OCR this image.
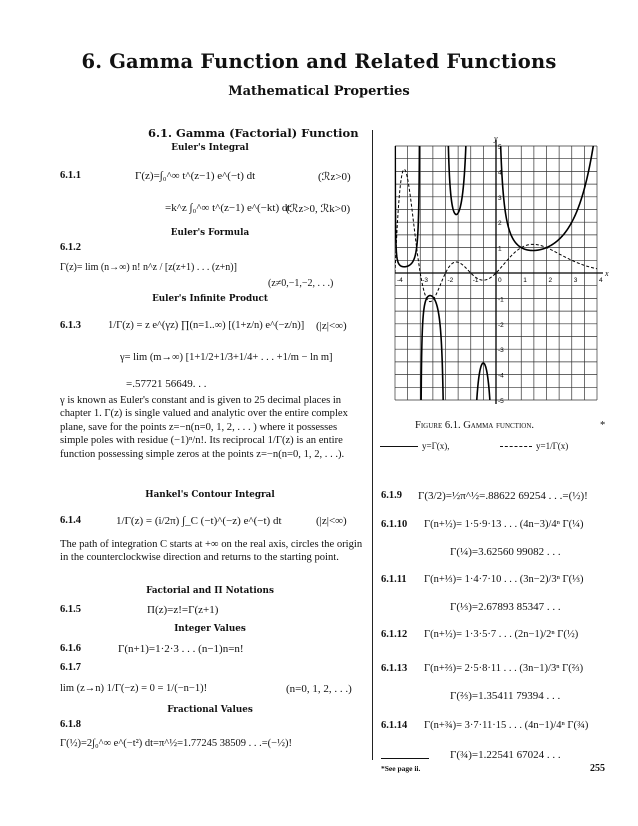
6. Gamma Function and Related Functions
Mathematical Properties
6.1. Gamma (Factorial) Function
Euler's Integral
6.1.1	Γ(z)=∫₀^∞ t^(z−1) e^(−t) dt	(ℛz>0)
=k^z ∫₀^∞ t^(z−1) e^(−kt) dt
(ℛz>0, ℛk>0)
Euler's Formula
6.1.2
Γ(z)= lim (n→∞) n! n^z / [z(z+1) . . . (z+n)]
(z≠0,−1,−2, . . .)
Euler's Infinite Product
6.1.3	1/Γ(z) = z e^(γz) ∏(n=1..∞) [(1+z/n) e^(−z/n)] (|z|<∞)
γ= lim (m→∞) [1+1/2+1/3+1/4+ . . . +1/m − ln m]
=.57721 56649. . .
γ is known as Euler's constant and is given to 25 decimal places in chapter 1. Γ(z) is single valued and analytic over the entire complex plane, save for the points z=−n(n=0, 1, 2, . . . ) where it possesses simple poles with residue (−1)ⁿ/n!. Its reciprocal 1/Γ(z) is an entire function possessing simple zeros at the points z=−n(n=0, 1, 2, . . .).
Hankel's Contour Integral
6.1.4	1/Γ(z) = (i/2π) ∫_C (−t)^(−z) e^(−t) dt	(|z|<∞)
The path of integration C starts at +∞ on the real axis, circles the origin in the counterclockwise direction and returns to the starting point.
Factorial and Π Notations
6.1.5	Π(z)=z!=Γ(z+1)
Integer Values
6.1.6	Γ(n+1)=1·2·3 . . . (n−1)n=n!
6.1.7
lim (z→n) 1/Γ(−z) = 0 = 1/(−n−1)!	(n=0, 1, 2, . . .)
Fractional Values
6.1.8
Γ(½)=2∫₀^∞ e^(−t²) dt=π^½=1.77245 38509 . . .=(−½)!
x
y
-4	-3	-2	-1	0	1	2	3	4
-5
-4
-3
-2
-1
1
2
3
4
5
Figure 6.1. Gamma function.	*
y=Γ(x),	y=1/Γ(x)
6.1.9 Γ(3/2)=½π^½=.88622 69254 . . .=(½)!
6.1.10 Γ(n+½)= 1·5·9·13 . . . (4n−3)/4ⁿ Γ(¼)
Γ(¼)=3.62560 99082 . . .
6.1.11 Γ(n+⅓)= 1·4·7·10 . . . (3n−2)/3ⁿ Γ(⅓)
Γ(⅓)=2.67893 85347 . . .
6.1.12 Γ(n+½)= 1·3·5·7 . . . (2n−1)/2ⁿ Γ(½)
6.1.13 Γ(n+⅔)= 2·5·8·11 . . . (3n−1)/3ⁿ Γ(⅔)
Γ(⅔)=1.35411 79394 . . .
6.1.14 Γ(n+¾)= 3·7·11·15 . . . (4n−1)/4ⁿ Γ(¾)
Γ(¾)=1.22541 67024 . . .
*See page ii.	255
